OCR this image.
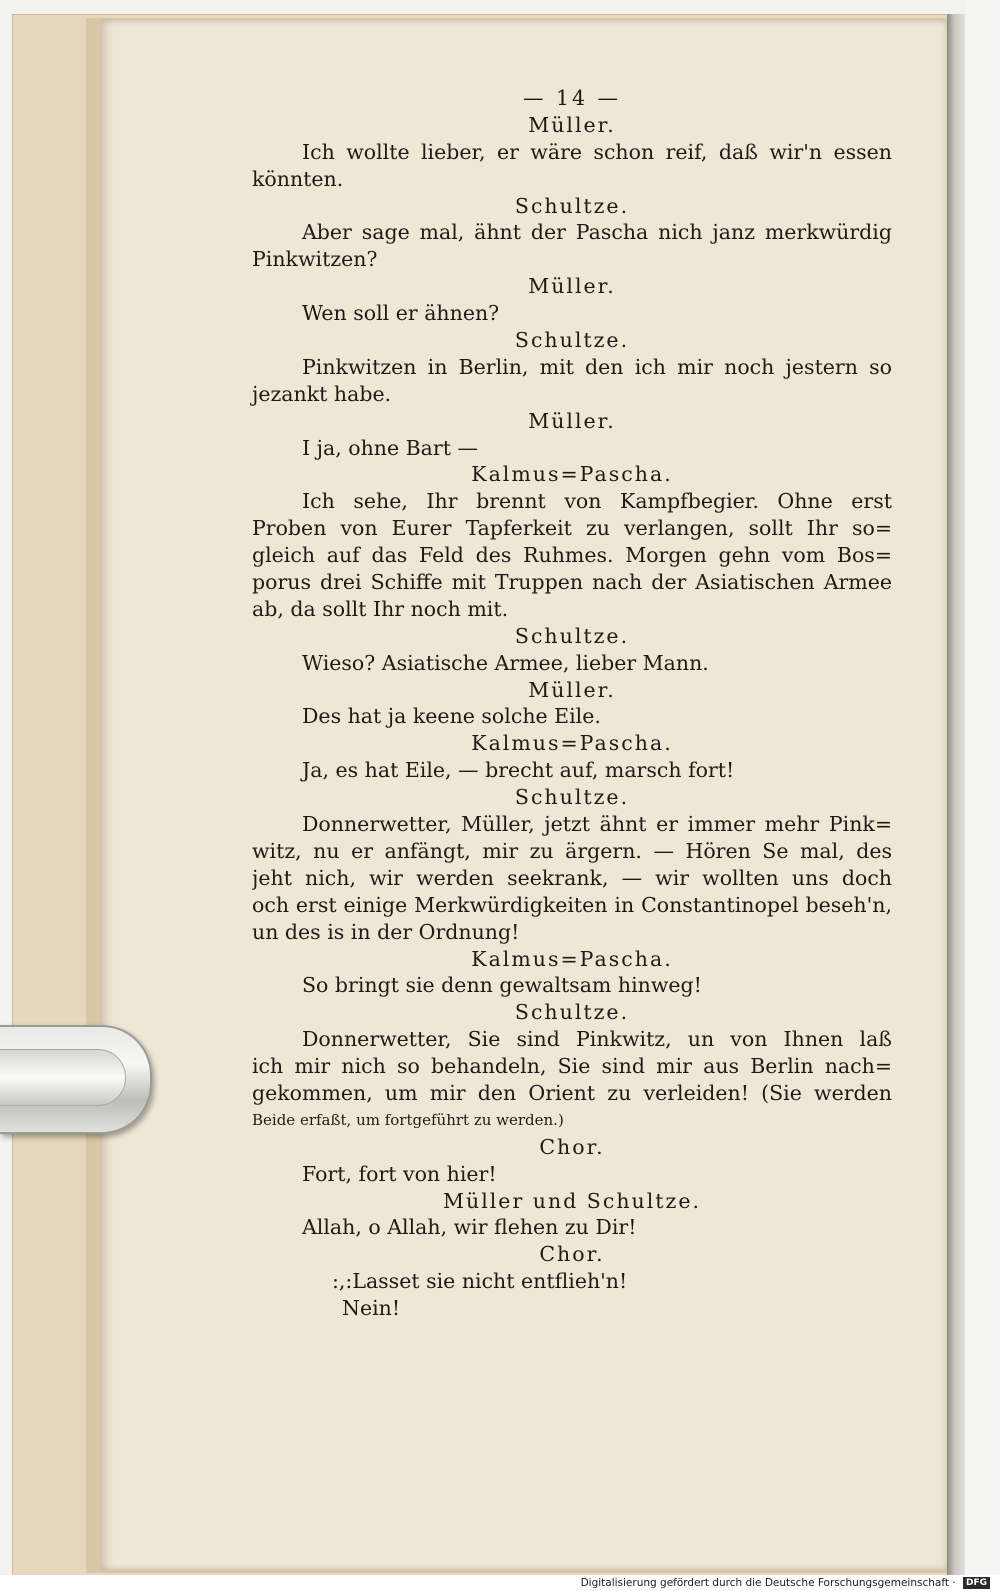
— 14 —
Müller.
Ich wollte lieber, er wäre schon reif, daß wir'n essen
könnten.
Schultze.
Aber sage mal, ähnt der Pascha nich janz merkwürdig
Pinkwitzen?
Müller.
Wen soll er ähnen?
Schultze.
Pinkwitzen in Berlin, mit den ich mir noch jestern so
jezankt habe.
Müller.
I ja, ohne Bart —
Kalmus=Pascha.
Ich sehe, Ihr brennt von Kampfbegier. Ohne erst
Proben von Eurer Tapferkeit zu verlangen, sollt Ihr so=
gleich auf das Feld des Ruhmes. Morgen gehn vom Bos=
porus drei Schiffe mit Truppen nach der Asiatischen Armee
ab, da sollt Ihr noch mit.
Schultze.
Wieso? Asiatische Armee, lieber Mann.
Müller.
Des hat ja keene solche Eile.
Kalmus=Pascha.
Ja, es hat Eile, — brecht auf, marsch fort!
Schultze.
Donnerwetter, Müller, jetzt ähnt er immer mehr Pink=
witz, nu er anfängt, mir zu ärgern. — Hören Se mal, des
jeht nich, wir werden seekrank, — wir wollten uns doch
och erst einige Merkwürdigkeiten in Constantinopel beseh'n,
un des is in der Ordnung!
Kalmus=Pascha.
So bringt sie denn gewaltsam hinweg!
Schultze.
Donnerwetter, Sie sind Pinkwitz, un von Ihnen laß
ich mir nich so behandeln, Sie sind mir aus Berlin nach=
gekommen, um mir den Orient zu verleiden! (Sie werden
Beide erfaßt, um fortgeführt zu werden.)
Chor.
Fort, fort von hier!
Müller und Schultze.
Allah, o Allah, wir flehen zu Dir!
Chor.
:,:Lasset sie nicht entflieh'n!
Nein!
Digitalisierung gefördert durch die Deutsche Forschungsgemeinschaft · DFG
